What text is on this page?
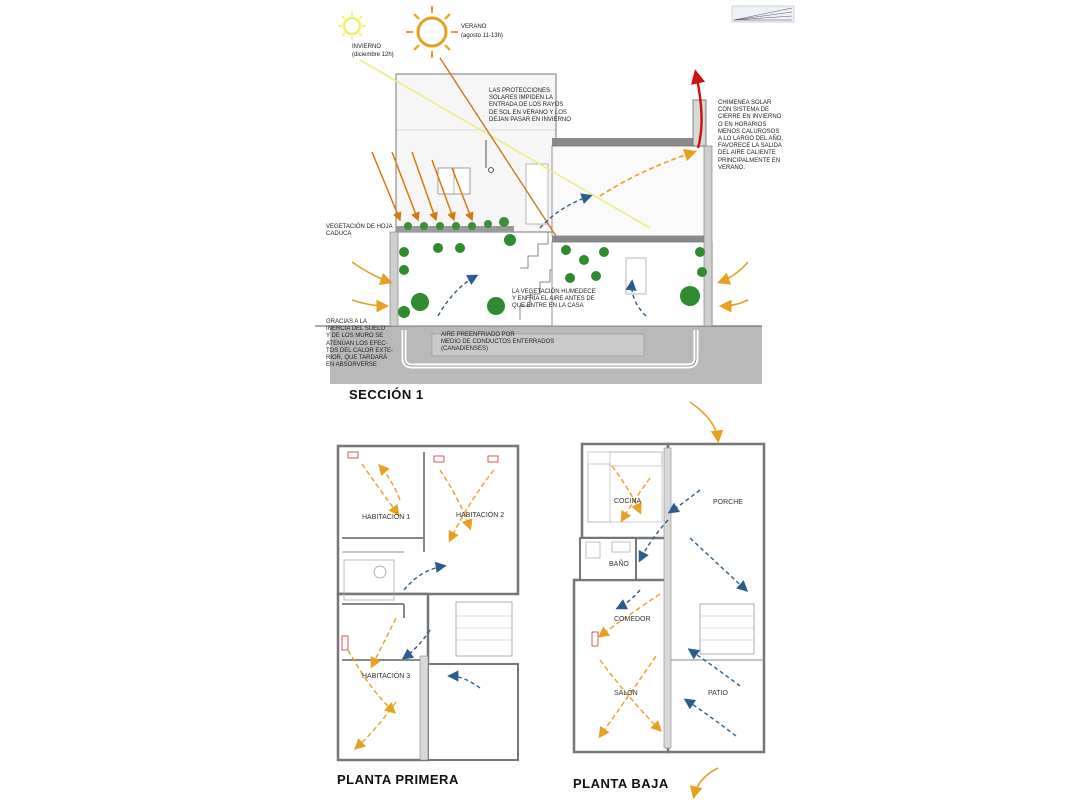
VERANO
(agosto 11-13h)
INVIERNO
(diciembre 12h)
LAS PROTECCIONES
SOLARES IMPIDEN LA
ENTRADA DE LOS RAYOS
DE SOL EN VERANO Y LOS
DEJAN PASAR EN INVIERNO
CHIMENEA SOLAR
CON SISTEMA DE
CIERRE EN INVIERNO
O EN HORARIOS
MENOS CALUROSOS
A LO LARGO DEL AÑO.
FAVORECE LA SALIDA
DEL AIRE CALIENTE
PRINCIPALMENTE EN
VERANO.
VEGETACIÓN DE HOJA
CADUCA
LA VEGETACIÓN HUMEDECE
Y ENFRÍA EL AIRE ANTES DE
QUE ENTRE EN LA CASA
GRACIAS A LA
INERCIA DEL SUELO
Y DE LOS MURO SE
ATENÚAN LOS EFEC-
TOS DEL CALOR EXTE-
RIOR, QUE TARDARÁ
EN ABSORVERSE
AIRE PREENFRIADO POR
MEDIO DE CONDUCTOS ENTERRADOS
(CANADIENSES)
SECCIÓN 1
PLANTA PRIMERA	PLANTA BAJA
HABITACIÓN 1	HABITACIÓN 2
HABITACIÓN 3
COCINA	PORCHE
BAÑO
COMEDOR
SALÓN	PATIO
